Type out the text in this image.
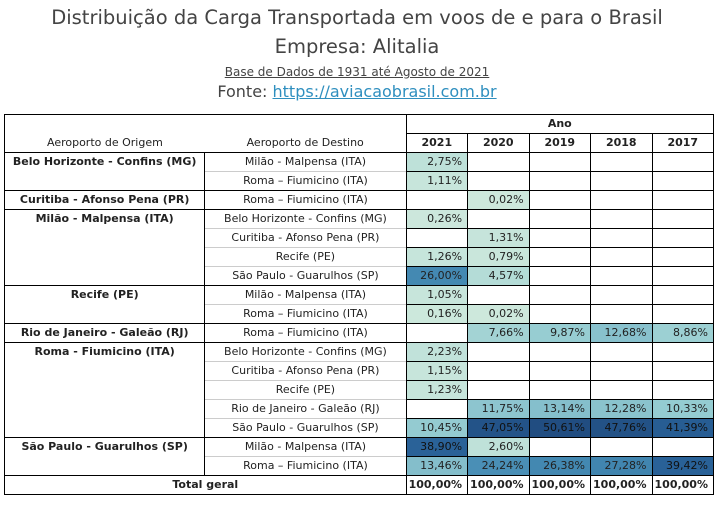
Distribuição da Carga Transportada em voos de e para o Brasil
Empresa: Alitalia
Base de Dados de 1931 até Agosto de 2021
Fonte: https://aviacaobrasil.com.br
		Ano				
Aeroporto de Origem	Aeroporto de Destino	2021	2020	2019	2018	2017
Belo Horizonte - Confins (MG)	Milão - Malpensa (ITA)	2,75%				
	Roma – Fiumicino (ITA)	1,11%				
Curitiba - Afonso Pena (PR)	Roma – Fiumicino (ITA)		0,02%			
Milão - Malpensa (ITA)	Belo Horizonte - Confins (MG)	0,26%				
	Curitiba - Afonso Pena (PR)		1,31%			
	Recife (PE)	1,26%	0,79%			
	São Paulo - Guarulhos (SP)	26,00%	4,57%			
Recife (PE)	Milão - Malpensa (ITA)	1,05%				
	Roma – Fiumicino (ITA)	0,16%	0,02%			
Rio de Janeiro - Galeão (RJ)	Roma – Fiumicino (ITA)		7,66%	9,87%	12,68%	8,86%
Roma - Fiumicino (ITA)	Belo Horizonte - Confins (MG)	2,23%				
	Curitiba - Afonso Pena (PR)	1,15%				
	Recife (PE)	1,23%				
	Rio de Janeiro - Galeão (RJ)		11,75%	13,14%	12,28%	10,33%
	São Paulo - Guarulhos (SP)	10,45%	47,05%	50,61%	47,76%	41,39%
São Paulo - Guarulhos (SP)	Milão - Malpensa (ITA)	38,90%	2,60%			
	Roma – Fiumicino (ITA)	13,46%	24,24%	26,38%	27,28%	39,42%
Total geral		100,00%	100,00%	100,00%	100,00%	100,00%
